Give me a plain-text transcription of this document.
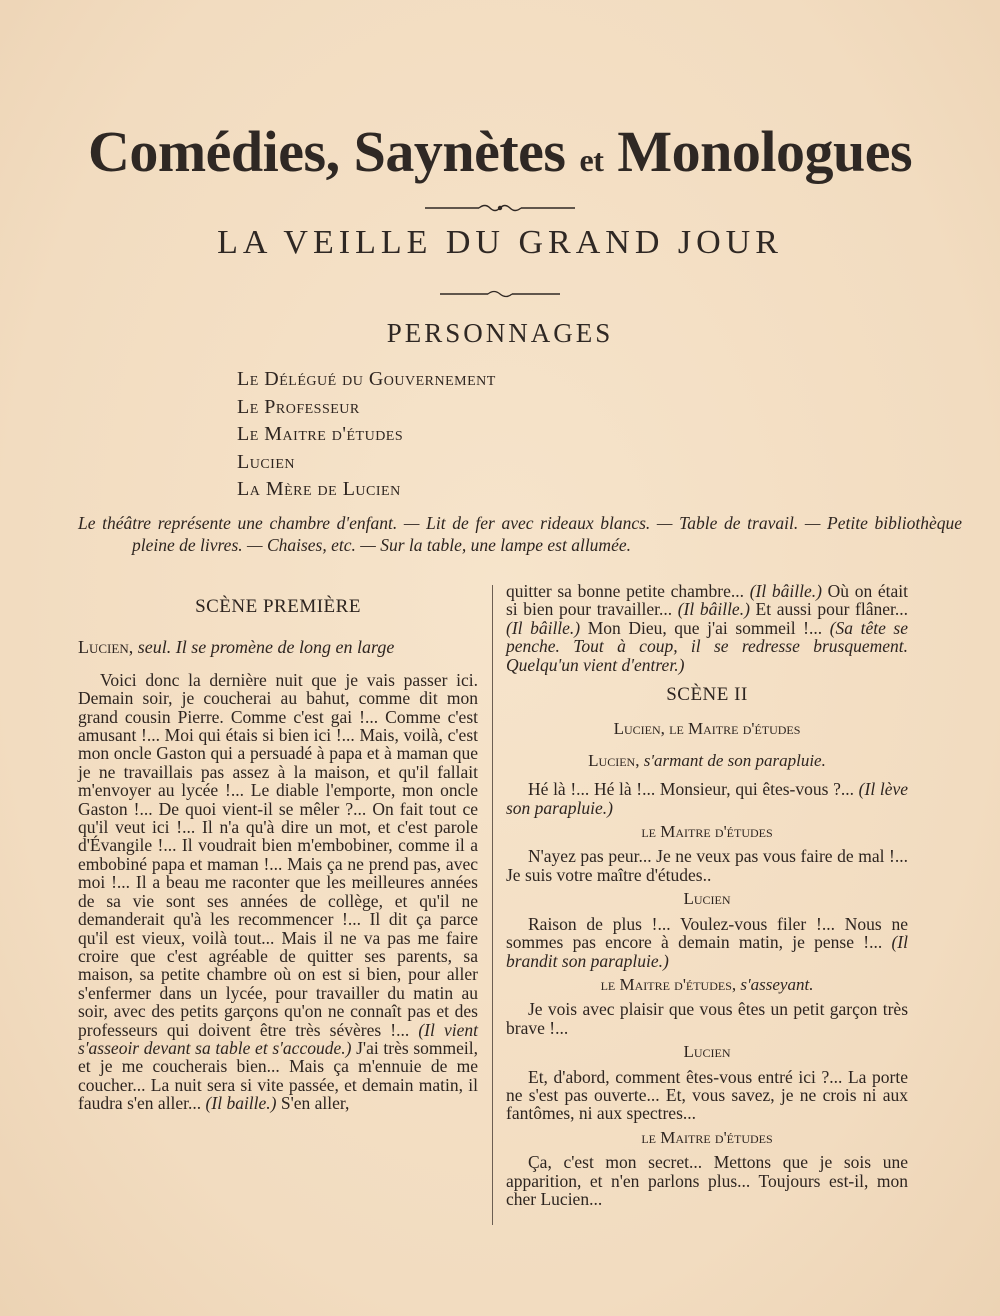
Comédies, Saynètes et Monologues
LA VEILLE DU GRAND JOUR
PERSONNAGES
Le Délégué du Gouvernement
Le Professeur
Le Maitre d'études
Lucien
La Mère de Lucien
Le théâtre représente une chambre d'enfant. — Lit de fer avec rideaux blancs. — Table de travail. — Petite bibliothèque pleine de livres. — Chaises, etc. — Sur la table, une lampe est allumée.

SCÈNE PREMIÈRE

Lucien, seul. Il se promène de long en large

Voici donc la dernière nuit que je vais passer ici. Demain soir, je coucherai au bahut, comme dit mon grand cousin Pierre. Comme c'est gai !... Comme c'est amusant !... Moi qui étais si bien ici !... Mais, voilà, c'est mon oncle Gaston qui a persuadé à papa et à maman que je ne travaillais pas assez à la maison, et qu'il fallait m'envoyer au lycée !... Le diable l'emporte, mon oncle Gaston !... De quoi vient-il se mêler ?... On fait tout ce qu'il veut ici !... Il n'a qu'à dire un mot, et c'est parole d'Évangile !... Il voudrait bien m'embobiner, comme il a embobiné papa et maman !... Mais ça ne prend pas, avec moi !... Il a beau me raconter que les meilleures années de sa vie sont ses années de collège, et qu'il ne demanderait qu'à les recommencer !... Il dit ça parce qu'il est vieux, voilà tout... Mais il ne va pas me faire croire que c'est agréable de quitter ses parents, sa maison, sa petite chambre où on est si bien, pour aller s'enfermer dans un lycée, pour travailler du matin au soir, avec des petits garçons qu'on ne connaît pas et des professeurs qui doivent être très sévères !... (Il vient s'asseoir devant sa table et s'accoude.) J'ai très sommeil, et je me coucherais bien... Mais ça m'ennuie de me coucher... La nuit sera si vite passée, et demain matin, il faudra s'en aller... (Il baille.) S'en aller,

quitter sa bonne petite chambre... (Il bâille.) Où on était si bien pour travailler... (Il bâille.) Et aussi pour flâner... (Il bâille.) Mon Dieu, que j'ai sommeil !... (Sa tête se penche. Tout à coup, il se redresse brusquement. Quelqu'un vient d'entrer.)

SCÈNE II

Lucien, le Maitre d'études

Lucien, s'armant de son parapluie.

Hé là !... Hé là !... Monsieur, qui êtes-vous ?... (Il lève son parapluie.)

le Maitre d'études

N'ayez pas peur... Je ne veux pas vous faire de mal !... Je suis votre maître d'études..

Lucien

Raison de plus !... Voulez-vous filer !... Nous ne sommes pas encore à demain matin, je pense !... (Il brandit son parapluie.)

le Maitre d'études, s'asseyant.

Je vois avec plaisir que vous êtes un petit garçon très brave !...

Lucien

Et, d'abord, comment êtes-vous entré ici ?... La porte ne s'est pas ouverte... Et, vous savez, je ne crois ni aux fantômes, ni aux spectres...

le Maitre d'études

Ça, c'est mon secret... Mettons que je sois une apparition, et n'en parlons plus... Toujours est-il, mon cher Lucien...
